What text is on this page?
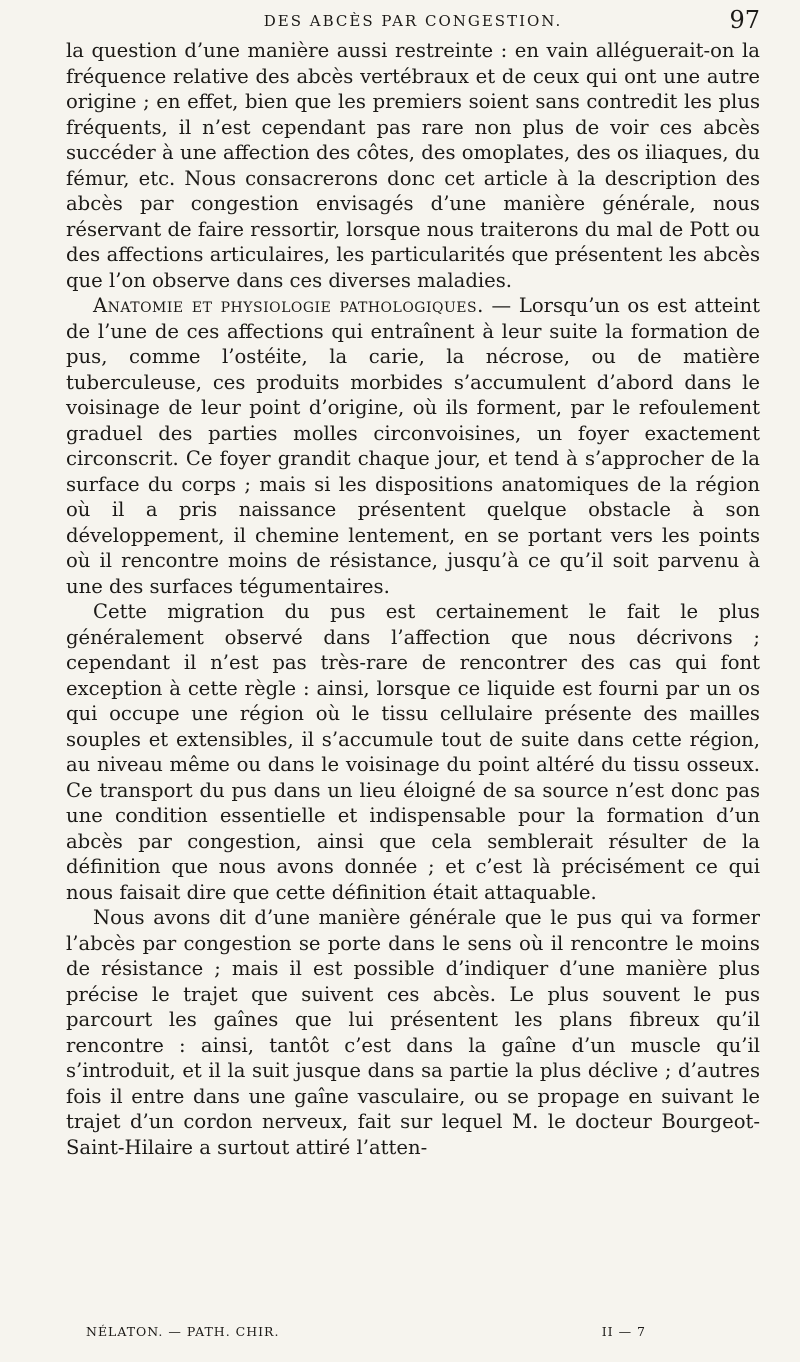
DES ABCÈS PAR CONGESTION.	97

la question d’une manière aussi restreinte : en vain alléguerait-on la fréquence relative des abcès vertébraux et de ceux qui ont une autre origine ; en effet, bien que les premiers soient sans contredit les plus fréquents, il n’est cependant pas rare non plus de voir ces abcès succéder à une affection des côtes, des omoplates, des os iliaques, du fémur, etc. Nous consacrerons donc cet article à la description des abcès par congestion envisagés d’une manière générale, nous réservant de faire ressortir, lorsque nous traiterons du mal de Pott ou des affections articulaires, les particularités que présentent les abcès que l’on observe dans ces diverses maladies.

Anatomie et physiologie pathologiques. — Lorsqu’un os est atteint de l’une de ces affections qui entraînent à leur suite la formation de pus, comme l’ostéite, la carie, la nécrose, ou de matière tuberculeuse, ces produits morbides s’accumulent d’abord dans le voisinage de leur point d’origine, où ils forment, par le refoulement graduel des parties molles circonvoisines, un foyer exactement circonscrit. Ce foyer grandit chaque jour, et tend à s’approcher de la surface du corps ; mais si les dispositions anatomiques de la région où il a pris naissance présentent quelque obstacle à son développement, il chemine lentement, en se portant vers les points où il rencontre moins de résistance, jusqu’à ce qu’il soit parvenu à une des surfaces tégumentaires.

Cette migration du pus est certainement le fait le plus généralement observé dans l’affection que nous décrivons ; cependant il n’est pas très-rare de rencontrer des cas qui font exception à cette règle : ainsi, lorsque ce liquide est fourni par un os qui occupe une région où le tissu cellulaire présente des mailles souples et extensibles, il s’accumule tout de suite dans cette région, au niveau même ou dans le voisinage du point altéré du tissu osseux. Ce transport du pus dans un lieu éloigné de sa source n’est donc pas une condition essentielle et indispensable pour la formation d’un abcès par congestion, ainsi que cela semblerait résulter de la définition que nous avons donnée ; et c’est là précisément ce qui nous faisait dire que cette définition était attaquable.

Nous avons dit d’une manière générale que le pus qui va former l’abcès par congestion se porte dans le sens où il rencontre le moins de résistance ; mais il est possible d’indiquer d’une manière plus précise le trajet que suivent ces abcès. Le plus souvent le pus parcourt les gaînes que lui présentent les plans fibreux qu’il rencontre : ainsi, tantôt c’est dans la gaîne d’un muscle qu’il s’introduit, et il la suit jusque dans sa partie la plus déclive ; d’autres fois il entre dans une gaîne vasculaire, ou se propage en suivant le trajet d’un cordon nerveux, fait sur lequel M. le docteur Bourgeot-Saint-Hilaire a surtout attiré l’atten-

NÉLATON. — PATH. CHIR.	II — 7
